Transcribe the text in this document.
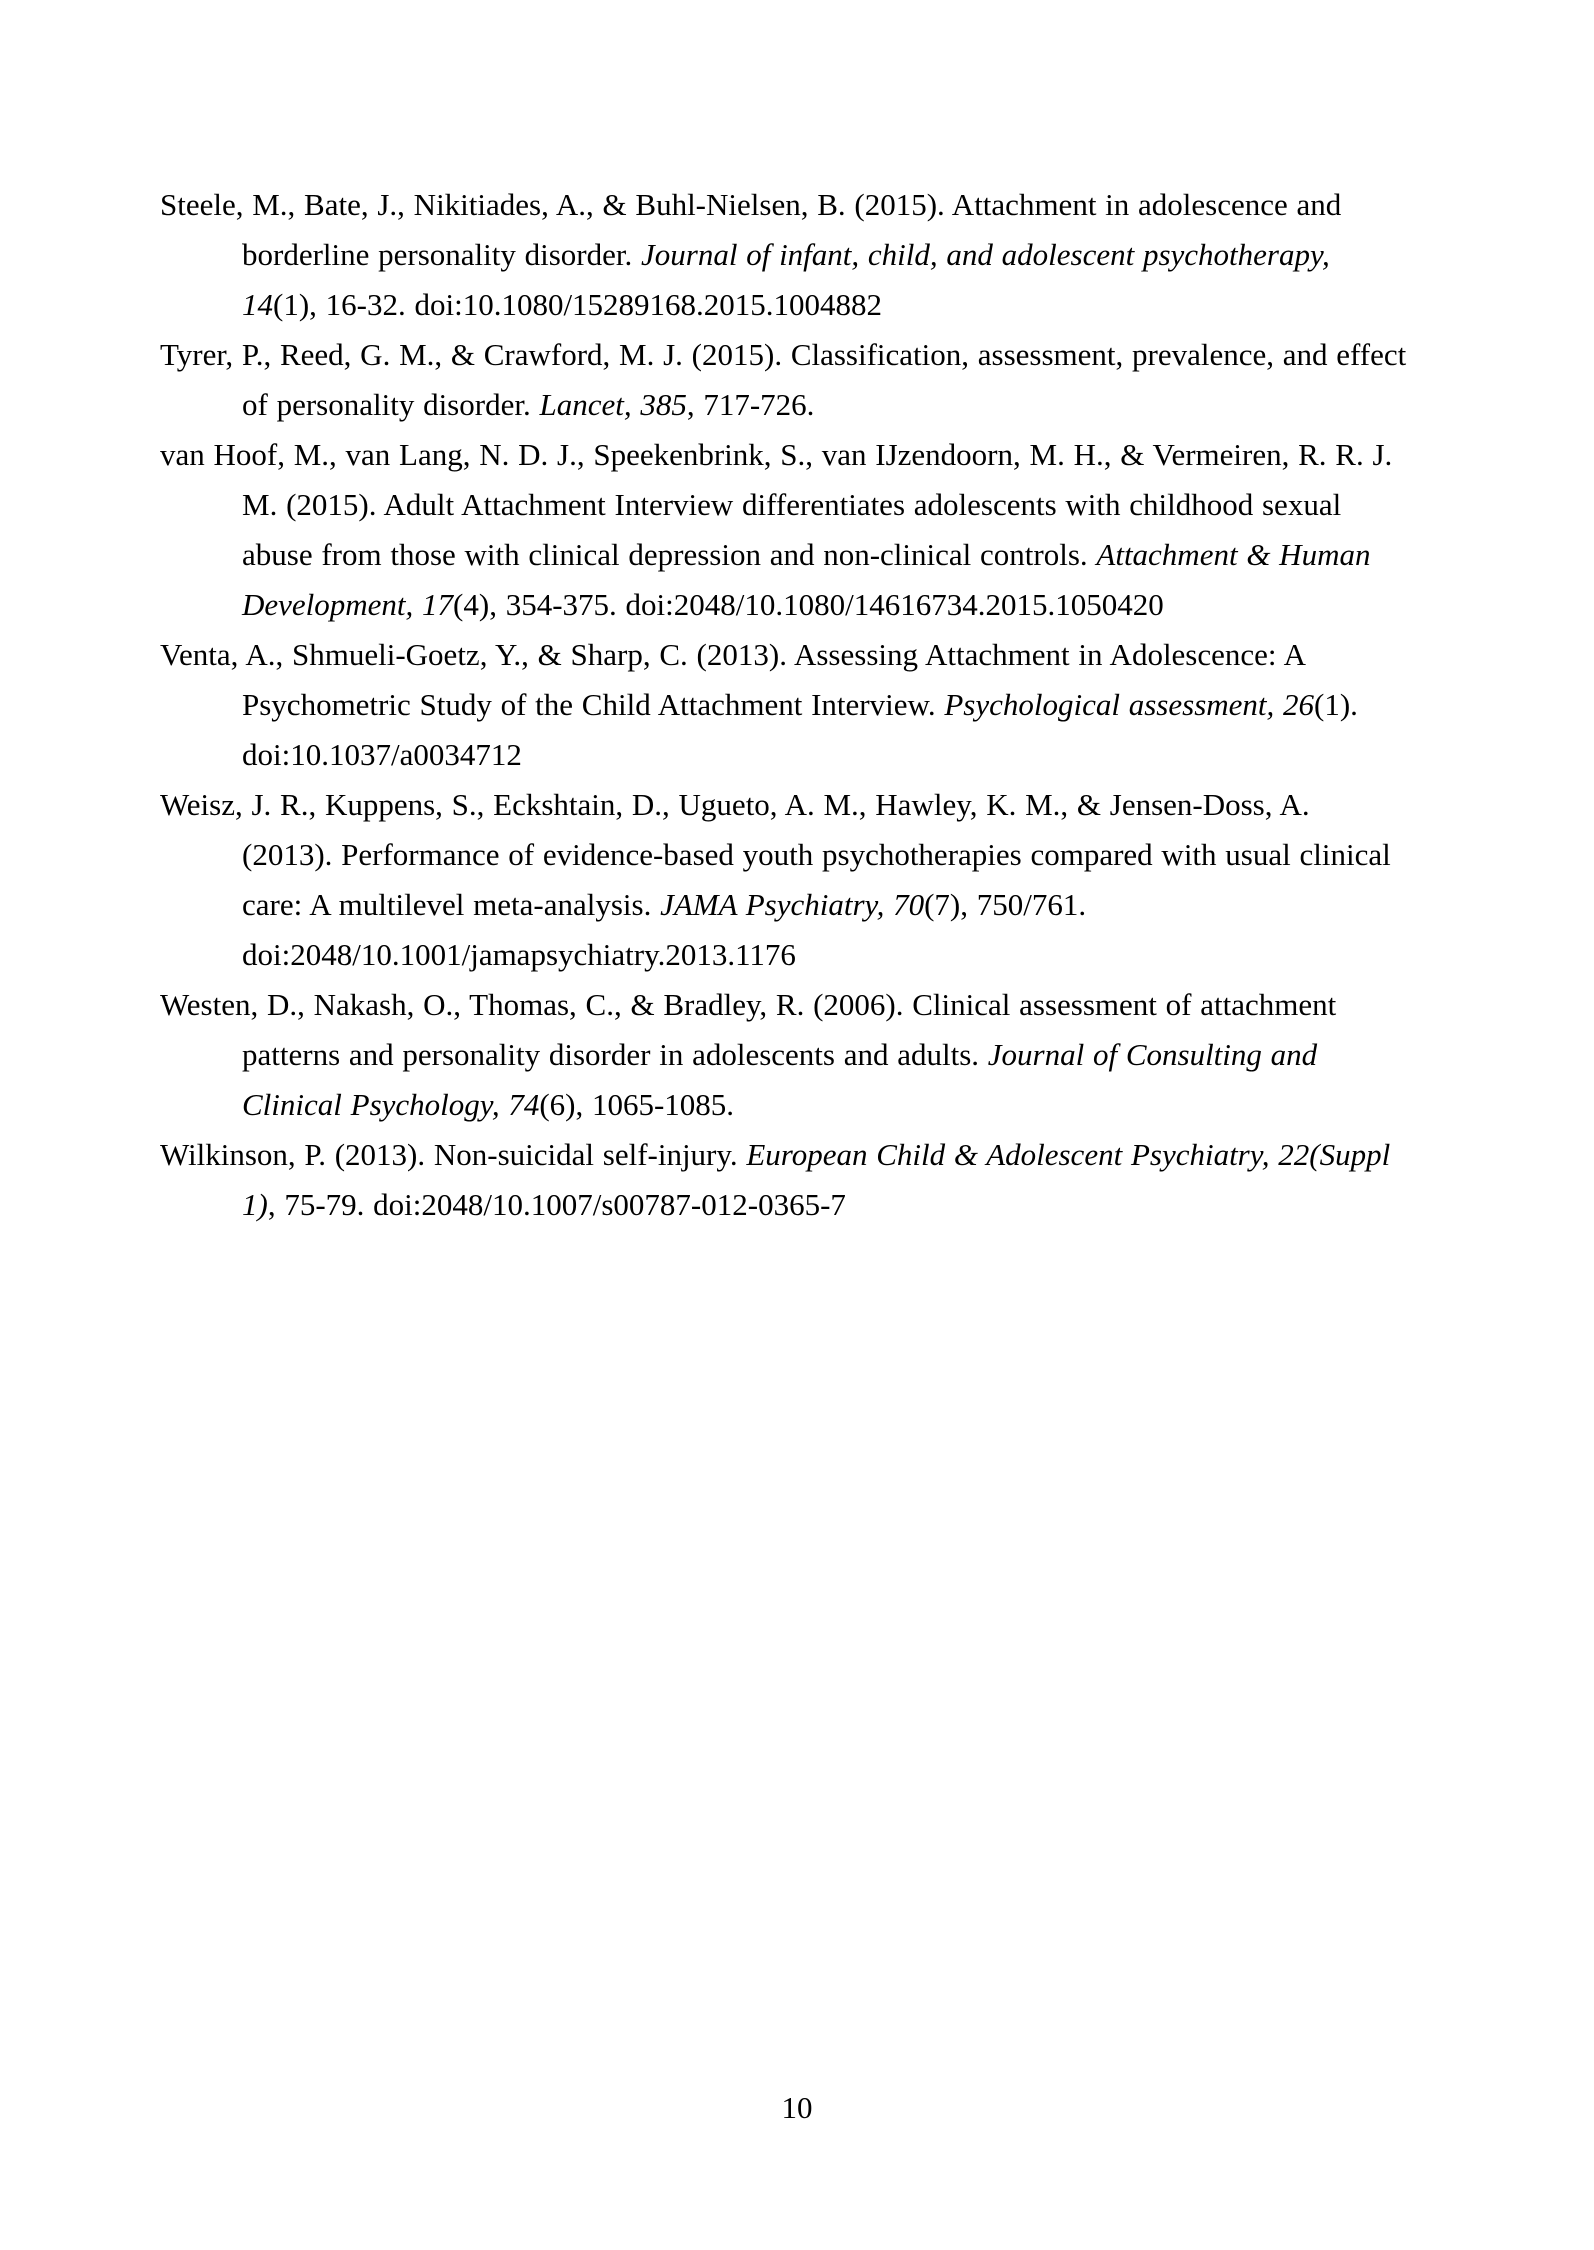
Steele, M., Bate, J., Nikitiades, A., & Buhl-Nielsen, B. (2015). Attachment in adolescence and borderline personality disorder. Journal of infant, child, and adolescent psychotherapy, 14(1), 16-32. doi:10.1080/15289168.2015.1004882

Tyrer, P., Reed, G. M., & Crawford, M. J. (2015). Classification, assessment, prevalence, and effect of personality disorder. Lancet, 385, 717-726.

van Hoof, M., van Lang, N. D. J., Speekenbrink, S., van IJzendoorn, M. H., & Vermeiren, R. R. J. M. (2015). Adult Attachment Interview differentiates adolescents with childhood sexual abuse from those with clinical depression and non-clinical controls. Attachment & Human Development, 17(4), 354-375. doi:2048/10.1080/14616734.2015.1050420

Venta, A., Shmueli-Goetz, Y., & Sharp, C. (2013). Assessing Attachment in Adolescence: A Psychometric Study of the Child Attachment Interview. Psychological assessment, 26(1). doi:10.1037/a0034712

Weisz, J. R., Kuppens, S., Eckshtain, D., Ugueto, A. M., Hawley, K. M., & Jensen-Doss, A. (2013). Performance of evidence-based youth psychotherapies compared with usual clinical care: A multilevel meta-analysis. JAMA Psychiatry, 70(7), 750/761. doi:2048/10.1001/jamapsychiatry.2013.1176

Westen, D., Nakash, O., Thomas, C., & Bradley, R. (2006). Clinical assessment of attachment patterns and personality disorder in adolescents and adults. Journal of Consulting and Clinical Psychology, 74(6), 1065-1085.

Wilkinson, P. (2013). Non-suicidal self-injury. European Child & Adolescent Psychiatry, 22(Suppl 1), 75-79. doi:2048/10.1007/s00787-012-0365-7

10
